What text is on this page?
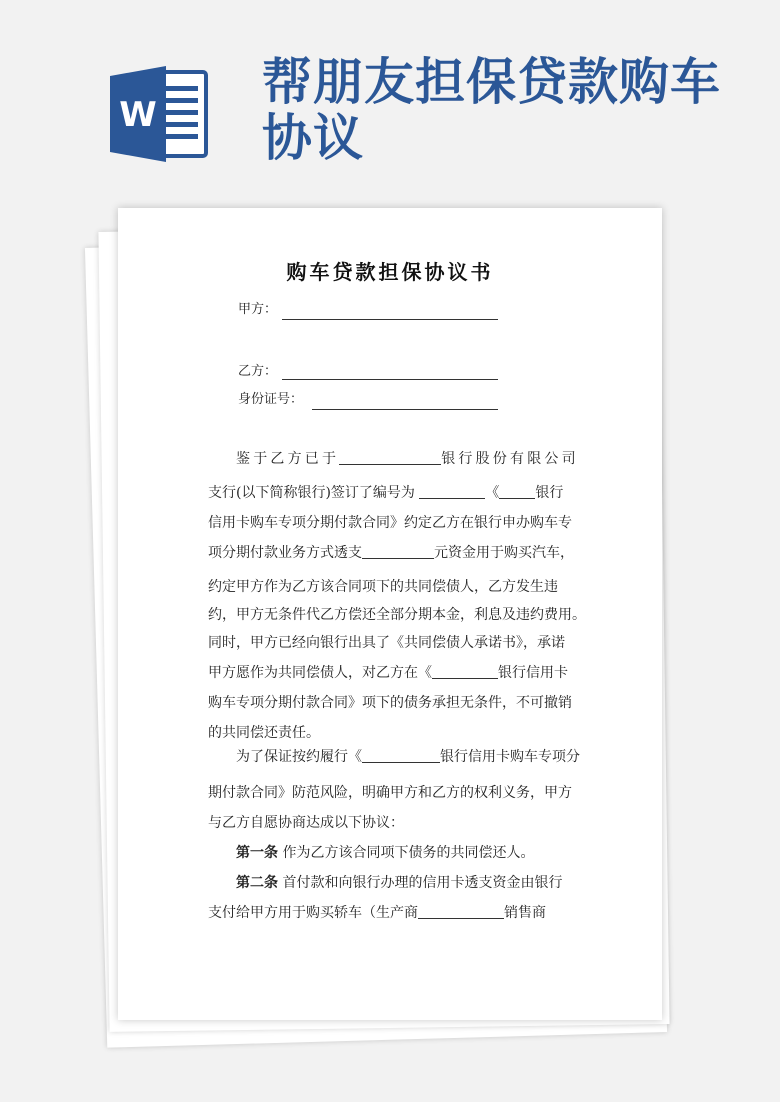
W
帮朋友担保贷款购车协议
购车贷款担保协议书
甲方：
乙方：
身份证号：
鉴于乙方已于	银行股份有限公司
支行(以下简称银行)签订了编号为	《	银行
信用卡购车专项分期付款合同》约定乙方在银行申办购车专
项分期付款业务方式透支	元资金用于购买汽车，
约定甲方作为乙方该合同项下的共同偿债人，乙方发生违
约，甲方无条件代乙方偿还全部分期本金，利息及违约费用。
同时，甲方已经向银行出具了《共同偿债人承诺书》，承诺
甲方愿作为共同偿债人，对乙方在《	银行信用卡
购车专项分期付款合同》项下的债务承担无条件，不可撤销
的共同偿还责任。
为了保证按约履行《	银行信用卡购车专项分
期付款合同》防范风险，明确甲方和乙方的权利义务，甲方
与乙方自愿协商达成以下协议：
第一条 作为乙方该合同项下债务的共同偿还人。
第二条 首付款和向银行办理的信用卡透支资金由银行
支付给甲方用于购买轿车（生产商	销售商
